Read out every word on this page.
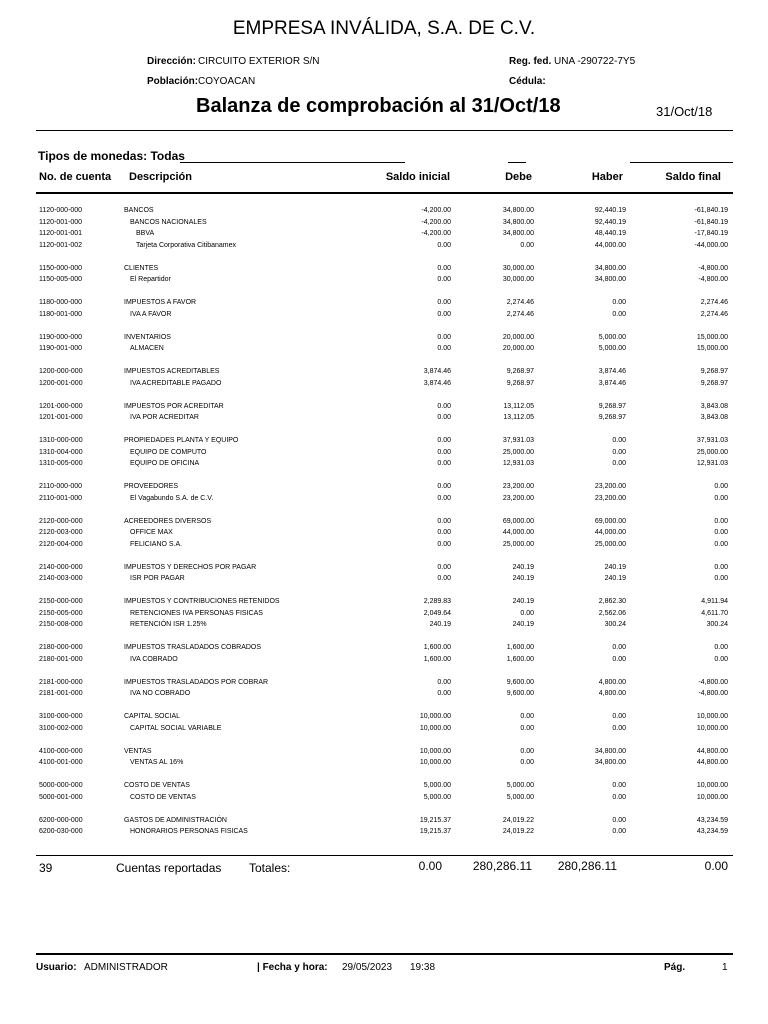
EMPRESA INVÁLIDA, S.A. DE C.V.
Dirección: CIRCUITO EXTERIOR S/N
Población: COYOACAN
Reg. fed. UNA -290722-7Y5
Cédula:
Balanza de comprobación al 31/Oct/18	31/Oct/18
Tipos de monedas: Todas
No. de cuenta Descripción	Saldo inicial	Debe	Haber	Saldo final
1120-000-000	BANCOS	-4,200.00	34,800.00	92,440.19	-61,840.19
1120-001-000	BANCOS NACIONALES	-4,200.00	34,800.00	92,440.19	-61,840.19
1120-001-001	BBVA	-4,200.00	34,800.00	48,440.19	-17,840.19
1120-001-002	Tarjeta Corporativa Citibanamex	0.00	0.00	44,000.00	-44,000.00
1150-000-000	CLIENTES	0.00	30,000.00	34,800.00	-4,800.00
1150-005-000	El Repartidor	0.00	30,000.00	34,800.00	-4,800.00
1180-000-000	IMPUESTOS A FAVOR	0.00	2,274.46	0.00	2,274.46
1180-001-000	IVA A FAVOR	0.00	2,274.46	0.00	2,274.46
1190-000-000	INVENTARIOS	0.00	20,000.00	5,000.00	15,000.00
1190-001-000	ALMACEN	0.00	20,000.00	5,000.00	15,000.00
1200-000-000	IMPUESTOS ACREDITABLES	3,874.46	9,268.97	3,874.46	9,268.97
1200-001-000	IVA ACREDITABLE PAGADO	3,874.46	9,268.97	3,874.46	9,268.97
1201-000-000	IMPUESTOS POR ACREDITAR	0.00	13,112.05	9,268.97	3,843.08
1201-001-000	IVA POR ACREDITAR	0.00	13,112.05	9,268.97	3,843.08
1310-000-000	PROPIEDADES PLANTA Y EQUIPO	0.00	37,931.03	0.00	37,931.03
1310-004-000	EQUIPO DE COMPUTO	0.00	25,000.00	0.00	25,000.00
1310-005-000	EQUIPO DE OFICINA	0.00	12,931.03	0.00	12,931.03
2110-000-000	PROVEEDORES	0.00	23,200.00	23,200.00	0.00
2110-001-000	El Vagabundo S.A. de C.V.	0.00	23,200.00	23,200.00	0.00
2120-000-000	ACREEDORES DIVERSOS	0.00	69,000.00	69,000.00	0.00
2120-003-000	OFFICE MAX	0.00	44,000.00	44,000.00	0.00
2120-004-000	FELICIANO S.A.	0.00	25,000.00	25,000.00	0.00
2140-000-000	IMPUESTOS Y DERECHOS POR PAGAR	0.00	240.19	240.19	0.00
2140-003-000	ISR POR PAGAR	0.00	240.19	240.19	0.00
2150-000-000	IMPUESTOS Y CONTRIBUCIONES RETENIDOS	2,289.83	240.19	2,862.30	4,911.94
2150-005-000	RETENCIONES IVA PERSONAS FISICAS	2,049.64	0.00	2,562.06	4,611.70
2150-008-000	RETENCIÓN ISR 1.25%	240.19	240.19	300.24	300.24
2180-000-000	IMPUESTOS TRASLADADOS COBRADOS	1,600.00	1,600.00	0.00	0.00
2180-001-000	IVA COBRADO	1,600.00	1,600.00	0.00	0.00
2181-000-000	IMPUESTOS TRASLADADOS POR COBRAR	0.00	9,600.00	4,800.00	-4,800.00
2181-001-000	IVA NO COBRADO	0.00	9,600.00	4,800.00	-4,800.00
3100-000-000	CAPITAL SOCIAL	10,000.00	0.00	0.00	10,000.00
3100-002-000	CAPITAL SOCIAL VARIABLE	10,000.00	0.00	0.00	10,000.00
4100-000-000	VENTAS	10,000.00	0.00	34,800.00	44,800.00
4100-001-000	VENTAS AL 16%	10,000.00	0.00	34,800.00	44,800.00
5000-000-000	COSTO DE VENTAS	5,000.00	5,000.00	0.00	10,000.00
5000-001-000	COSTO DE VENTAS	5,000.00	5,000.00	0.00	10,000.00
6200-000-000	GASTOS DE ADMINISTRACIÓN	19,215.37	24,019.22	0.00	43,234.59
6200-030-000	HONORARIOS PERSONAS FISICAS	19,215.37	24,019.22	0.00	43,234.59
39	Cuentas reportadas Totales:	0.00	280,286.11	280,286.11	0.00
Usuario: ADMINISTRADOR	| Fecha y hora: 29/05/2023 19:38	Pág.	1
